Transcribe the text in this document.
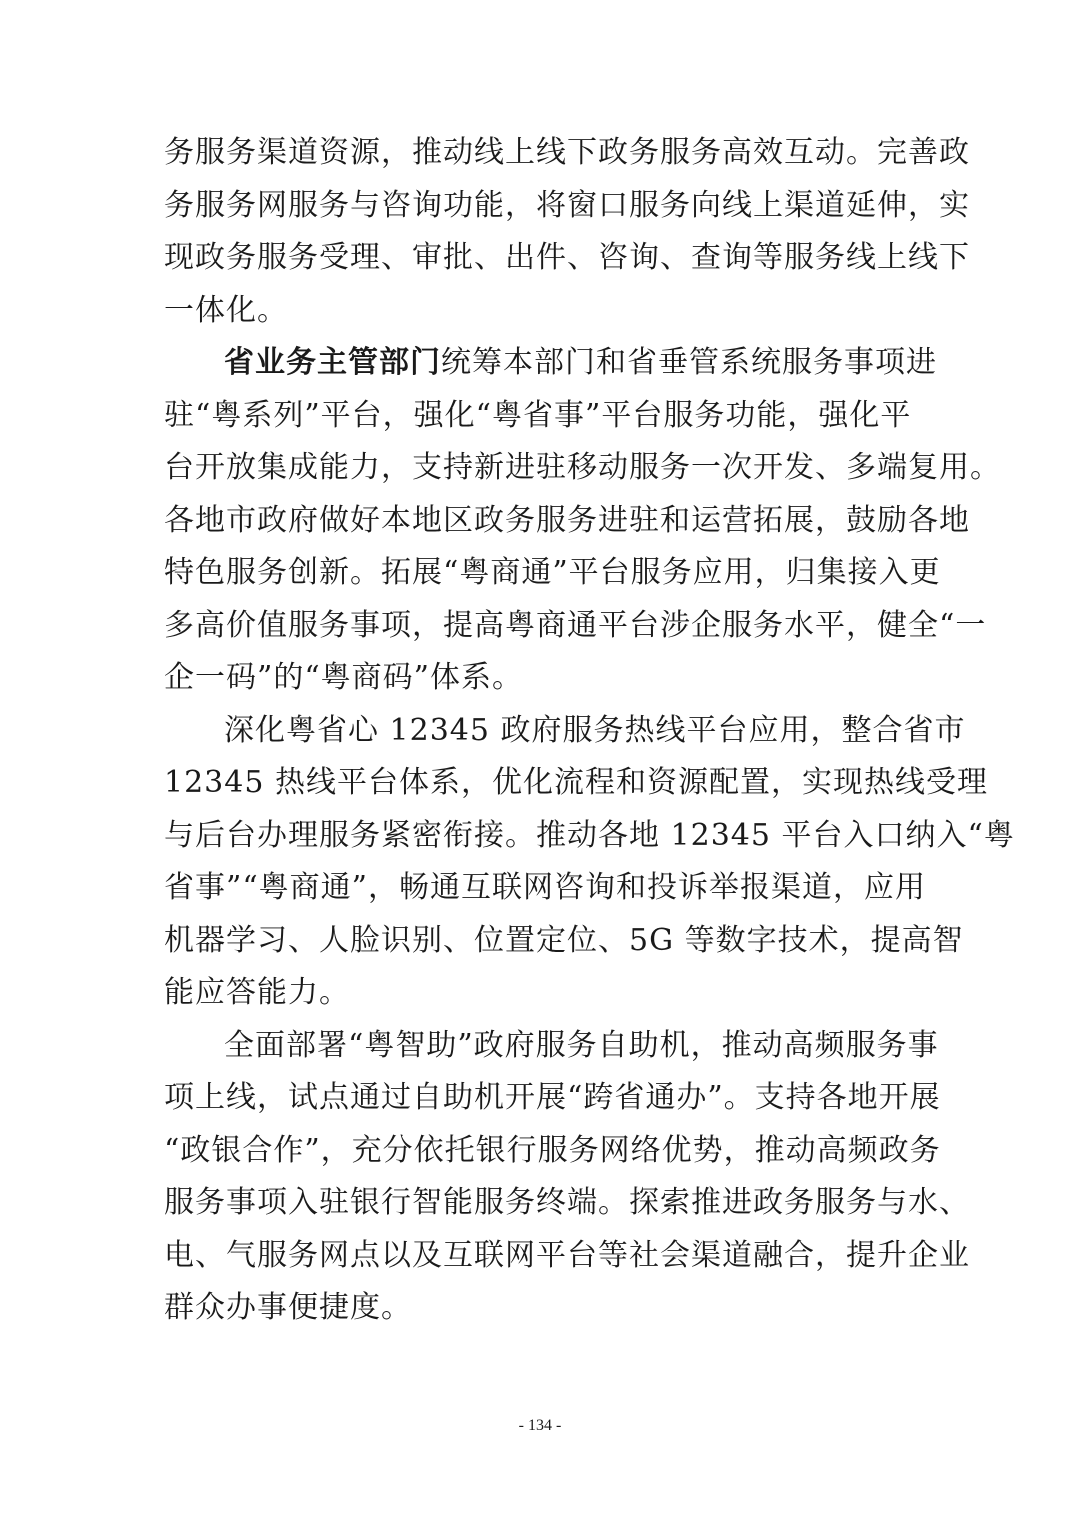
务服务渠道资源，推动线上线下政务服务高效互动。完善政
务服务网服务与咨询功能，将窗口服务向线上渠道延伸，实
现政务服务受理、审批、出件、咨询、查询等服务线上线下
一体化。
省业务主管部门统筹本部门和省垂管系统服务事项进
驻“粤系列”平台，强化“粤省事”平台服务功能，强化平
台开放集成能力，支持新进驻移动服务一次开发、多端复用。
各地市政府做好本地区政务服务进驻和运营拓展，鼓励各地
特色服务创新。拓展“粤商通”平台服务应用，归集接入更
多高价值服务事项，提高粤商通平台涉企服务水平，健全“一
企一码”的“粤商码”体系。
深化粤省心 12345 政府服务热线平台应用，整合省市
12345 热线平台体系，优化流程和资源配置，实现热线受理
与后台办理服务紧密衔接。推动各地 12345 平台入口纳入“粤
省事”“粤商通”，畅通互联网咨询和投诉举报渠道，应用
机器学习、人脸识别、位置定位、5G 等数字技术，提高智
能应答能力。
全面部署“粤智助”政府服务自助机，推动高频服务事
项上线，试点通过自助机开展“跨省通办”。支持各地开展
“政银合作”，充分依托银行服务网络优势，推动高频政务
服务事项入驻银行智能服务终端。探索推进政务服务与水、
电、气服务网点以及互联网平台等社会渠道融合，提升企业
群众办事便捷度。
- 134 -
